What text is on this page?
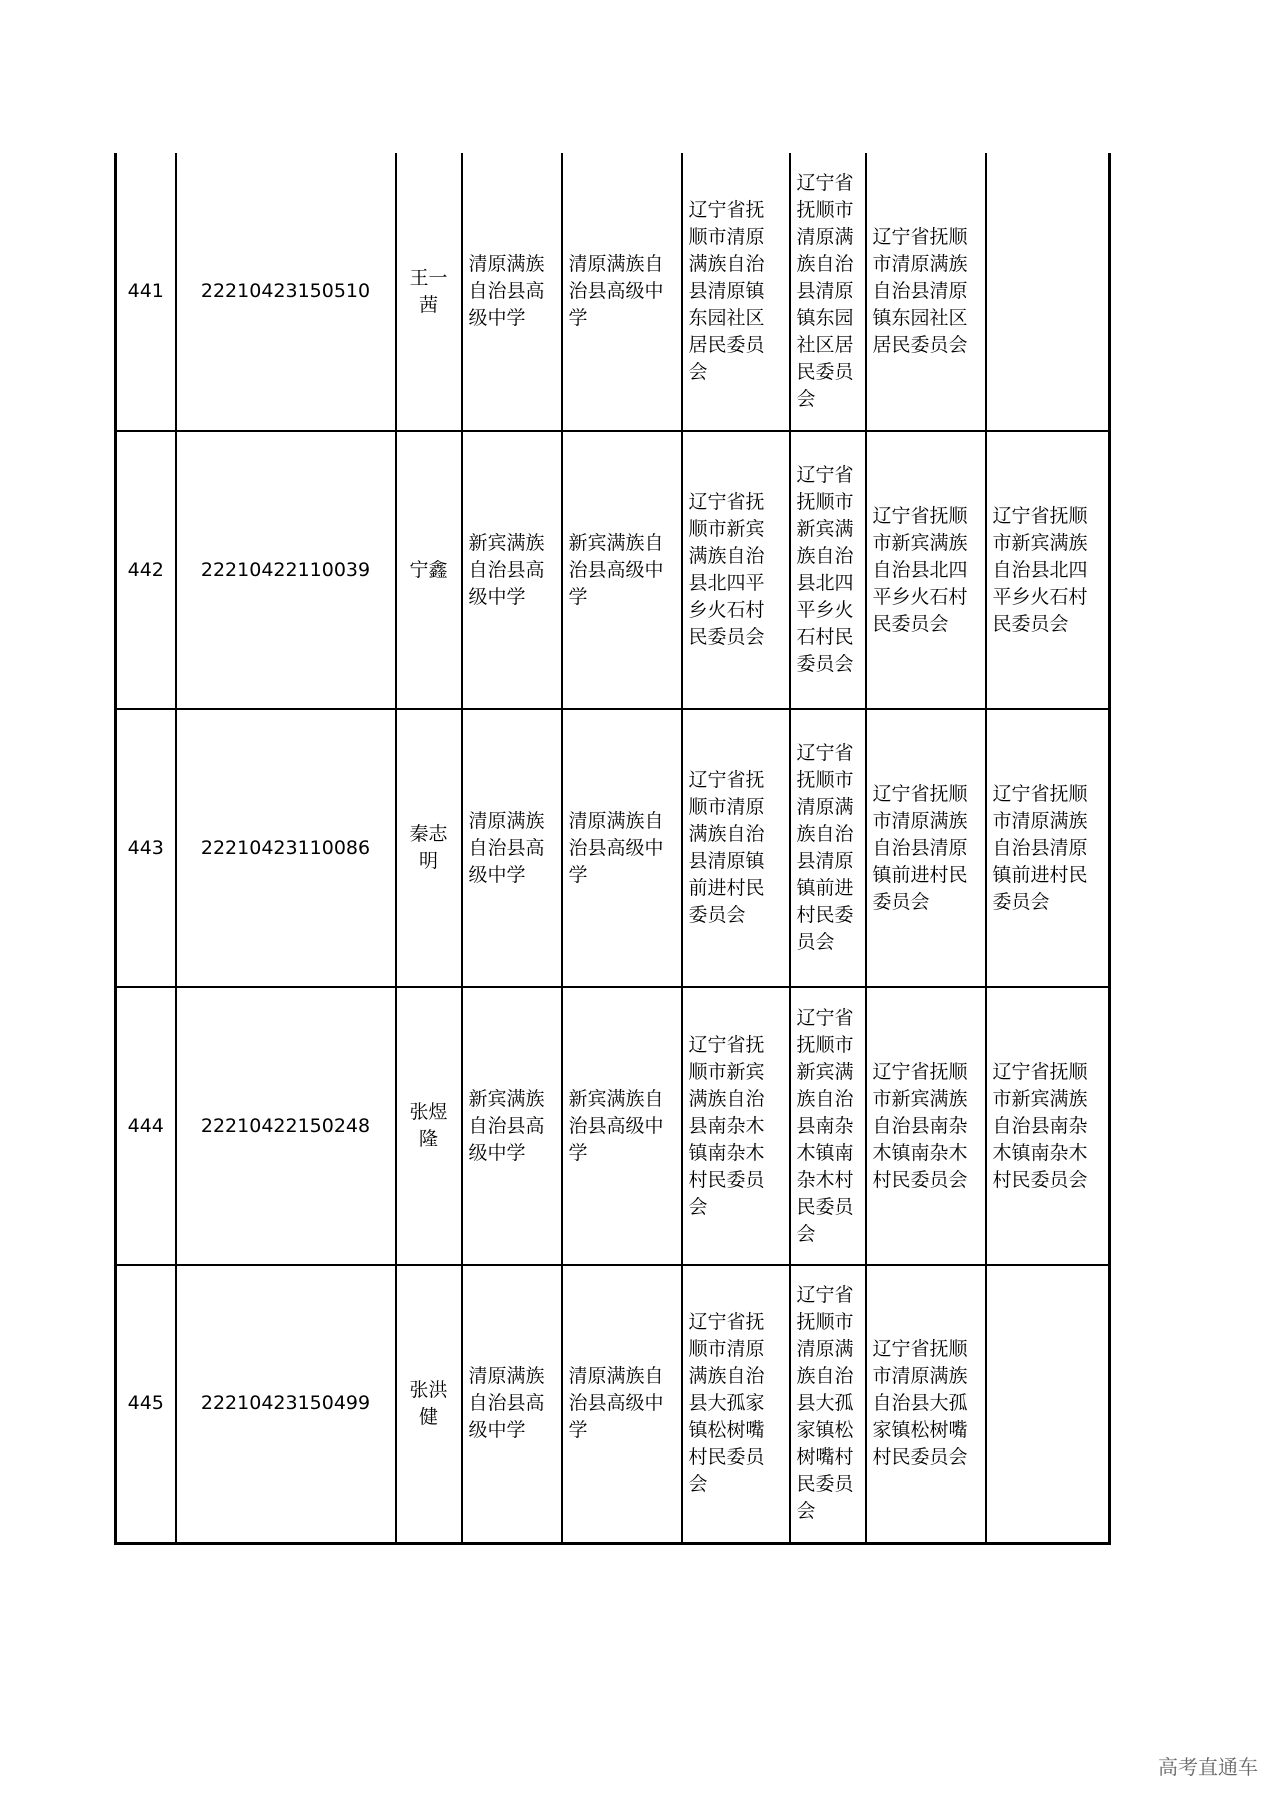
441	22210423150510	王一茜	清原满族自治县高级中学	清原满族自治县高级中学	辽宁省抚顺市清原满族自治县清原镇东园社区居民委员会	辽宁省抚顺市清原满族自治县清原镇东园社区居民委员会	辽宁省抚顺市清原满族自治县清原镇东园社区居民委员会	
442	22210422110039	宁鑫	新宾满族自治县高级中学	新宾满族自治县高级中学	辽宁省抚顺市新宾满族自治县北四平乡火石村民委员会	辽宁省抚顺市新宾满族自治县北四平乡火石村民委员会	辽宁省抚顺市新宾满族自治县北四平乡火石村民委员会	辽宁省抚顺市新宾满族自治县北四平乡火石村民委员会
443	22210423110086	秦志明	清原满族自治县高级中学	清原满族自治县高级中学	辽宁省抚顺市清原满族自治县清原镇前进村民委员会	辽宁省抚顺市清原满族自治县清原镇前进村民委员会	辽宁省抚顺市清原满族自治县清原镇前进村民委员会	辽宁省抚顺市清原满族自治县清原镇前进村民委员会
444	22210422150248	张煜隆	新宾满族自治县高级中学	新宾满族自治县高级中学	辽宁省抚顺市新宾满族自治县南杂木镇南杂木村民委员会	辽宁省抚顺市新宾满族自治县南杂木镇南杂木村民委员会	辽宁省抚顺市新宾满族自治县南杂木镇南杂木村民委员会	辽宁省抚顺市新宾满族自治县南杂木镇南杂木村民委员会
445	22210423150499	张洪健	清原满族自治县高级中学	清原满族自治县高级中学	辽宁省抚顺市清原满族自治县大孤家镇松树嘴村民委员会	辽宁省抚顺市清原满族自治县大孤家镇松树嘴村民委员会	辽宁省抚顺市清原满族自治县大孤家镇松树嘴村民委员会	
高考直通车
